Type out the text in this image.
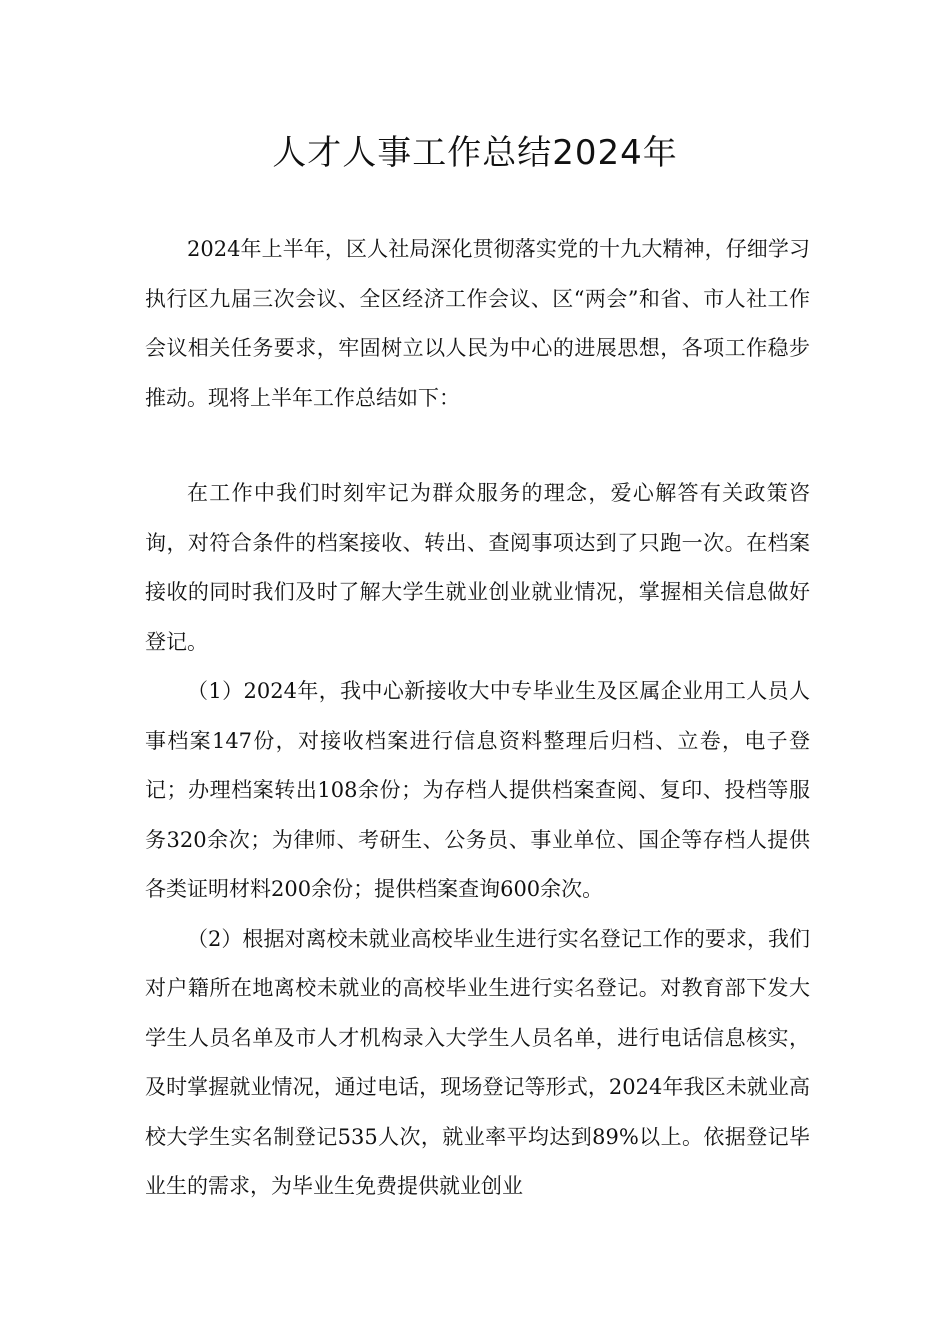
人才人事工作总结2024年

2024年上半年，区人社局深化贯彻落实党的十九大精神，仔细学习执行区九届三次会议、全区经济工作会议、区“两会”和省、市人社工作会议相关任务要求，牢固树立以人民为中心的进展思想，各项工作稳步推动。现将上半年工作总结如下：

在工作中我们时刻牢记为群众服务的理念，爱心解答有关政策咨询，对符合条件的档案接收、转出、查阅事项达到了只跑一次。在档案接收的同时我们及时了解大学生就业创业就业情况，掌握相关信息做好登记。

（1）2024年，我中心新接收大中专毕业生及区属企业用工人员人事档案147份，对接收档案进行信息资料整理后归档、立卷，电子登记；办理档案转出108余份；为存档人提供档案查阅、复印、投档等服务320余次；为律师、考研生、公务员、事业单位、国企等存档人提供各类证明材料200余份；提供档案查询600余次。

（2）根据对离校未就业高校毕业生进行实名登记工作的要求，我们对户籍所在地离校未就业的高校毕业生进行实名登记。对教育部下发大学生人员名单及市人才机构录入大学生人员名单，进行电话信息核实，及时掌握就业情况，通过电话，现场登记等形式，2024年我区未就业高校大学生实名制登记535人次，就业率平均达到89%以上。依据登记毕业生的需求，为毕业生免费提供就业创业
